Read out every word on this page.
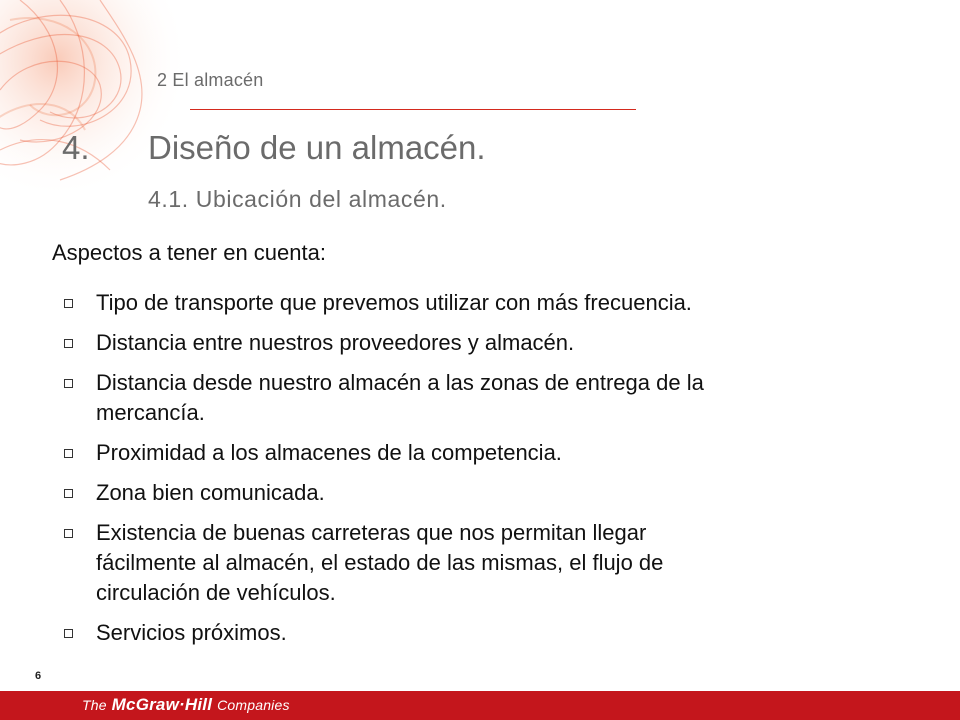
2 El almacén
4. Diseño de un almacén.
4.1. Ubicación del almacén.
Aspectos a tener en cuenta:
Tipo de transporte que prevemos utilizar con más frecuencia.
Distancia entre nuestros proveedores y almacén.
Distancia desde nuestro almacén a las zonas de entrega de la
mercancía.
Proximidad a los almacenes de la competencia.
Zona bien comunicada.
Existencia de buenas carreteras que nos permitan llegar
fácilmente al almacén, el estado de las mismas, el flujo de
circulación de vehículos.
Servicios próximos.
6
The McGraw·Hill Companies
